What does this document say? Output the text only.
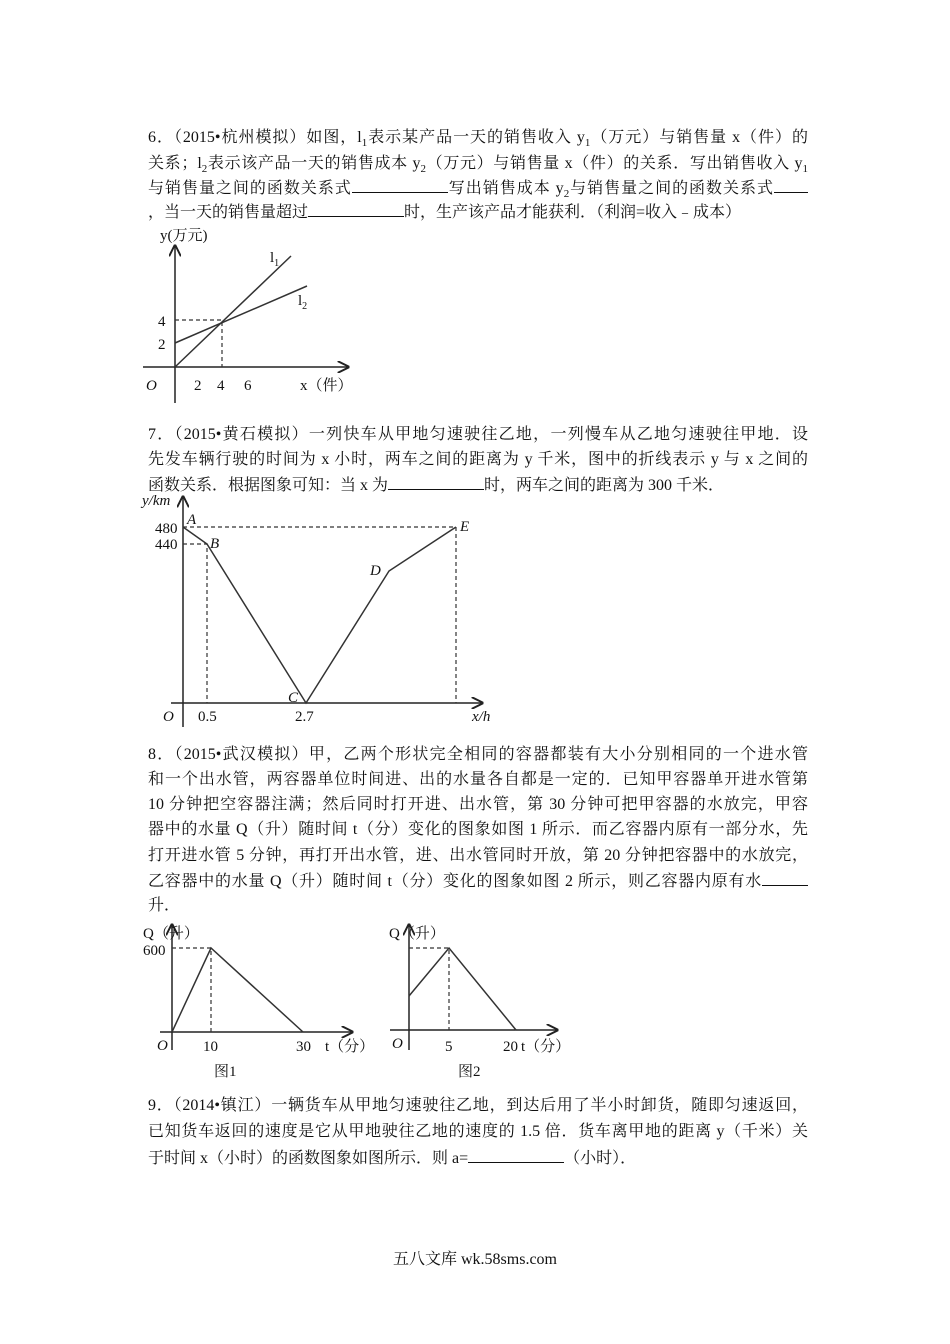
6．（2015•杭州模拟）如图，$l_1$表示某产品一天的销售收入 $y_1$（万元）与销售量 x（件）的
关系；$l_2$表示该产品一天的销售成本 $y_2$（万元）与销售量 x（件）的关系．写出销售收入 $y_1$
与销售量之间的函数关系式	写出销售成本 $y_2$与销售量之间的函数关系式
，当一天的销售量超过	时，生产该产品才能获利．（利润=收入﹣成本）
y(万元)
x（件）
O 2 4 6
2
4
$l_1$
$l_2$
7．（2015•黄石模拟）一列快车从甲地匀速驶往乙地，一列慢车从乙地匀速驶往甲地．设
先发车辆行驶的时间为 x 小时，两车之间的距离为 y 千米，图中的折线表示 y 与 x 之间的
函数关系．根据图象可知：当 x 为	时，两车之间的距离为 300 千米．
y/km
x/h
O
480
440
0.5	2.7
A
B
C
D
E
8．（2015•武汉模拟）甲，乙两个形状完全相同的容器都装有大小分别相同的一个进水管
和一个出水管，两容器单位时间进、出的水量各自都是一定的．已知甲容器单开进水管第
10 分钟把空容器注满；然后同时打开进、出水管，第 30 分钟可把甲容器的水放完，甲容
器中的水量 Q（升）随时间 t（分）变化的图象如图 1 所示．而乙容器内原有一部分水，先
打开进水管 5 分钟，再打开出水管，进、出水管同时开放，第 20 分钟把容器中的水放完，
乙容器中的水量 Q（升）随时间 t（分）变化的图象如图 2 所示，则乙容器内原有水
升．
Q（升）
600
O 10	30 t（分）
图1
O	5	20 t（分）
图2
Q（升）
9．（2014•镇江）一辆货车从甲地匀速驶往乙地，到达后用了半小时卸货，随即匀速返回，
已知货车返回的速度是它从甲地驶往乙地的速度的 1.5 倍．货车离甲地的距离 y（千米）关
于时间 x（小时）的函数图象如图所示．则 a=	（小时）．
五八文库 wk.58sms.com
